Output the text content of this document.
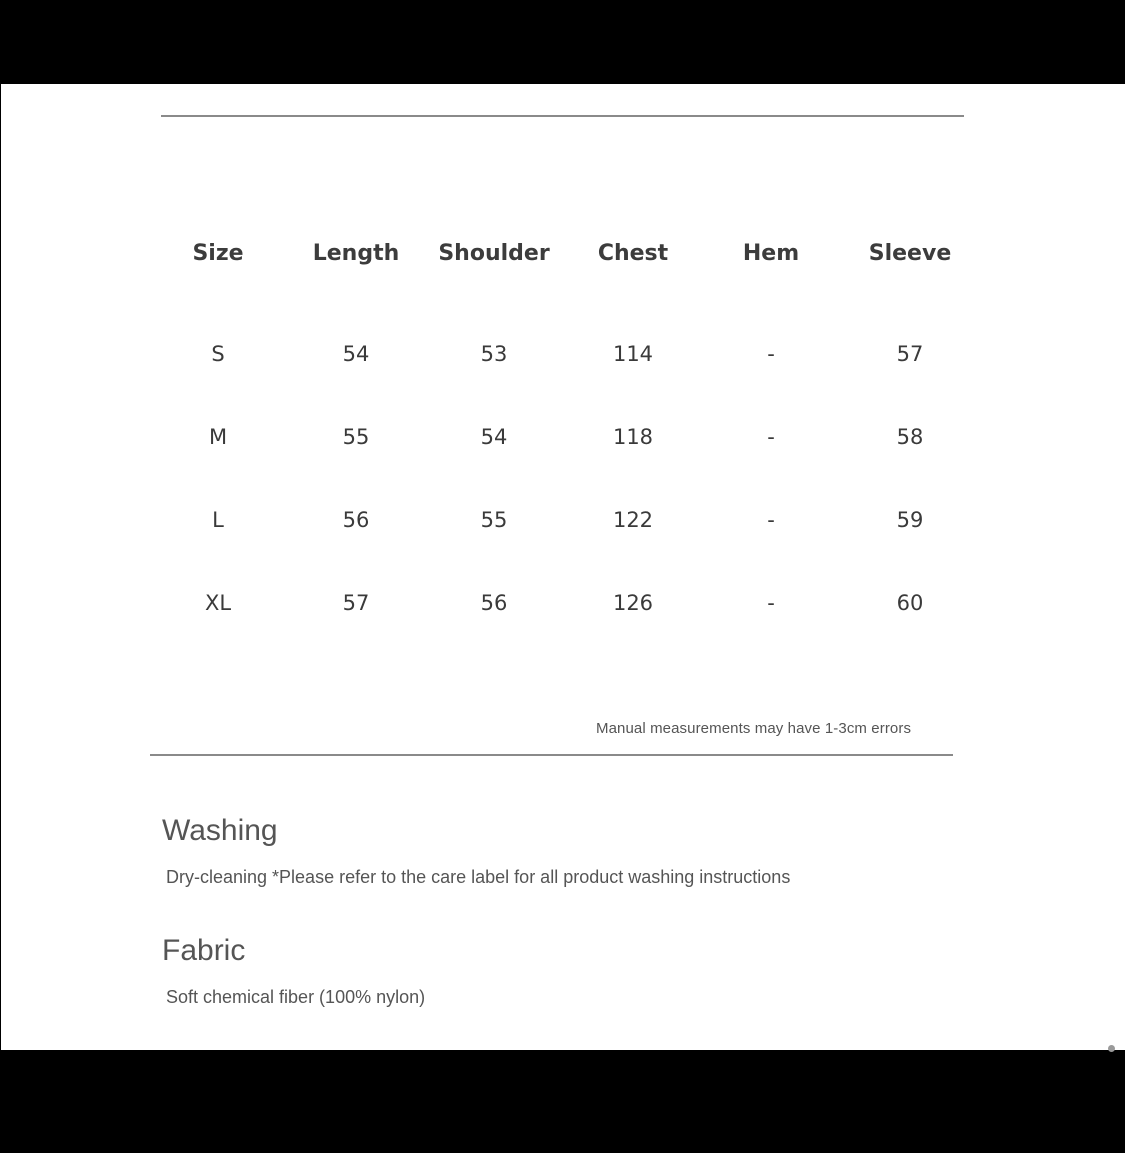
Size	Length	Shoulder	Chest	Hem	Sleeve
S	54	53	114	-	57
M	55	54	118	-	58
L	56	55	122	-	59
XL	57	56	126	-	60
Manual measurements may have 1-3cm errors
Washing
Dry-cleaning *Please refer to the care label for all product washing instructions
Fabric
Soft chemical fiber (100% nylon)
